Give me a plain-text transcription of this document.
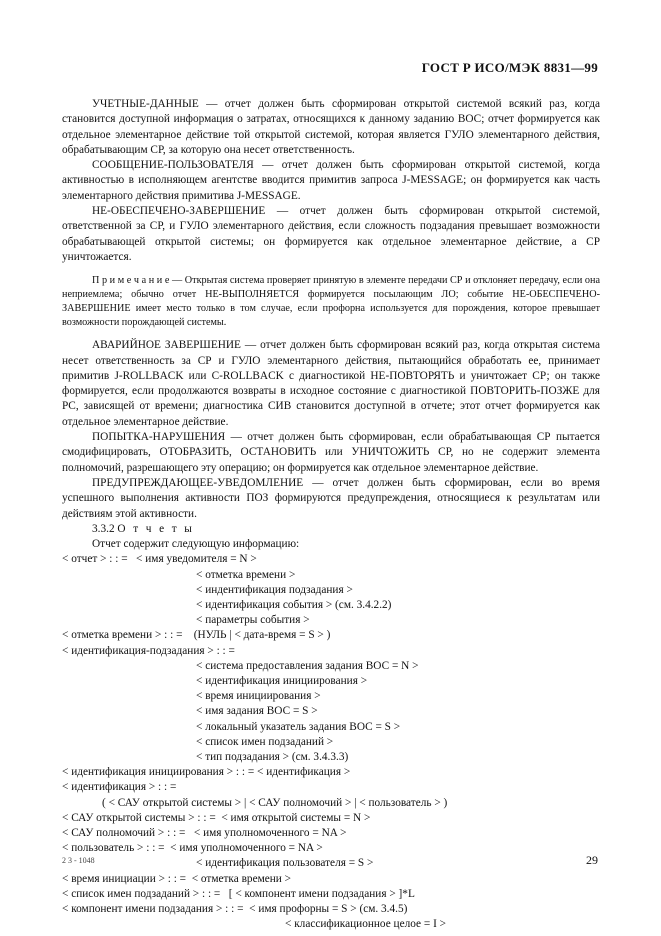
ГОСТ Р ИСО/МЭК 8831—99

УЧЕТНЫЕ-ДАННЫЕ — отчет должен быть сформирован открытой системой всякий раз, когда становится доступной информация о затратах, относящихся к данному заданию ВОС; отчет формируется как отдельное элементарное действие той открытой системой, которая является ГУЛО элементарного действия, обрабатывающим СР, за которую она несет ответственность.

СООБЩЕНИЕ-ПОЛЬЗОВАТЕЛЯ — отчет должен быть сформирован открытой системой, когда активностью в исполняющем агентстве вводится примитив запроса J-MESSAGE; он формируется как часть элементарного действия примитива J-MESSAGE.

НЕ-ОБЕСПЕЧЕНО-ЗАВЕРШЕНИЕ — отчет должен быть сформирован открытой системой, ответственной за СР, и ГУЛО элементарного действия, если сложность подзадания превышает возможности обрабатывающей открытой системы; он формируется как отдельное элементарное действие, а СР уничтожается.

П р и м е ч а н и е — Открытая система проверяет принятую в элементе передачи СР и отклоняет передачу, если она неприемлема; обычно отчет НЕ-ВЫПОЛНЯЕТСЯ формируется посылающим ЛО; событие НЕ-ОБЕСПЕЧЕНО-ЗАВЕРШЕНИЕ имеет место только в том случае, если профорна используется для порождения, которое превышает возможности порождающей системы.

АВАРИЙНОЕ ЗАВЕРШЕНИЕ — отчет должен быть сформирован всякий раз, когда открытая система несет ответственность за СР и ГУЛО элементарного действия, пытающийся обработать ее, принимает примитив J-ROLLBACK или C-ROLLBACK с диагностикой НЕ-ПОВТОРЯТЬ и уничтожает СР; он также формируется, если продолжаются возвраты в исходное состояние с диагностикой ПОВТОРИТЬ-ПОЗЖЕ для PC, зависящей от времени; диагностика СИВ становится доступной в отчете; этот отчет формируется как отдельное элементарное действие.

ПОПЫТКА-НАРУШЕНИЯ — отчет должен быть сформирован, если обрабатывающая СР пытается смодифицировать, ОТОБРАЗИТЬ, ОСТАНОВИТЬ или УНИЧТОЖИТЬ СР, но не содержит элемента полномочий, разрешающего эту операцию; он формируется как отдельное элементарное действие.

ПРЕДУПРЕЖДАЮЩЕЕ-УВЕДОМЛЕНИЕ — отчет должен быть сформирован, если во время успешного выполнения активности ПОЗ формируются предупреждения, относящиеся к результатам или действиям этой активности.

3.3.2 О т ч е т ы

Отчет содержит следующую информацию:

< отчет > : : =   < имя уведомителя = N >
< отметка времени >
< индентификация подзадания >
< идентификация события > (см. 3.4.2.2)
< параметры события >
< отметка времени > : : =    (НУЛЬ | < дата-время = S > )
< идентификация-подзадания > : : =
< система предоставления задания ВОС = N >
< идентификация инициирования >
< время инициирования >
< имя задания ВОС = S >
< локальный указатель задания ВОС = S >
< список имен подзаданий >
< тип подзадания > (см. 3.4.3.3)
< идентификация инициирования > : : = < идентификация >
< идентификация > : : =
( < САУ открытой системы > | < САУ полномочий > | < пользователь > )
< САУ открытой системы > : : =  < имя открытой системы = N >
< САУ полномочий > : : =   < имя уполномоченного = NA >
< пользователь > : : =  < имя уполномоченного = NA >
< идентификация пользователя = S >
< время инициации > : : =  < отметка времени >
< список имен подзаданий > : : =   [ < компонент имени подзадания > ]*L
< компонент имени подзадания > : : =  < имя профорны = S > (см. 3.4.5)
< классификационное целое = I >
2 3 - 1048	29
